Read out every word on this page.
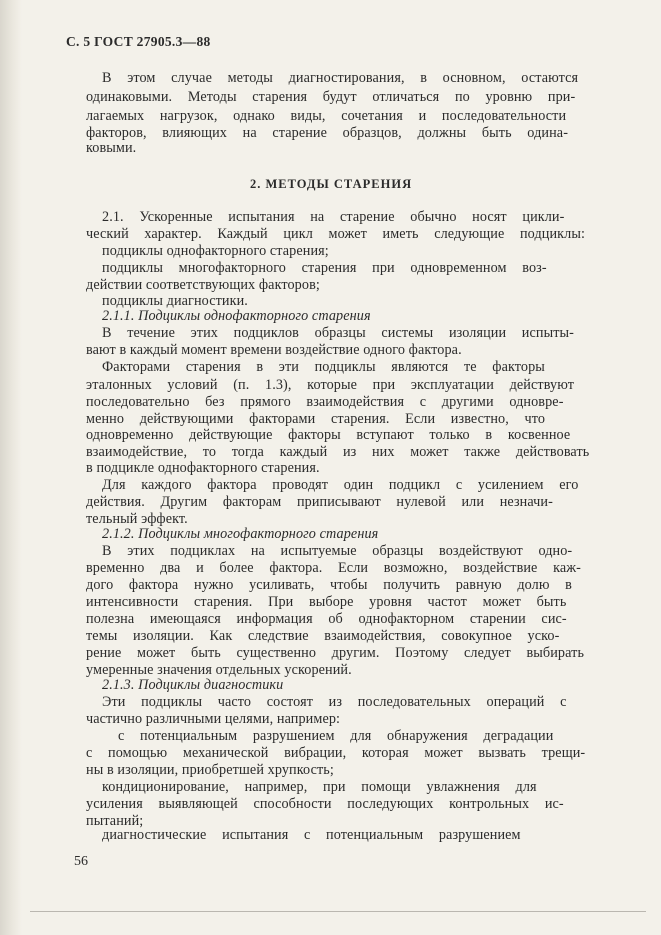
С. 5 ГОСТ 27905.3—88
В этом случае методы диагностирования, в основном, остаются
одинаковыми. Методы старения будут отличаться по уровню при-
лагаемых нагрузок, однако виды, сочетания и последовательности
факторов, влияющих на старение образцов, должны быть одина-
ковыми.
2. МЕТОДЫ СТАРЕНИЯ
2.1. Ускоренные испытания на старение обычно носят цикли-
ческий характер. Каждый цикл может иметь следующие подциклы:
подциклы однофакторного старения;
подциклы многофакторного старения при одновременном воз-
действии соответствующих факторов;
подциклы диагностики.
2.1.1. Подциклы однофакторного старения
В течение этих подциклов образцы системы изоляции испыты-
вают в каждый момент времени воздействие одного фактора.
Факторами старения в эти подциклы являются те факторы
эталонных условий (п. 1.3), которые при эксплуатации действуют
последовательно без прямого взаимодействия с другими одновре-
менно действующими факторами старения. Если известно, что
одновременно действующие факторы вступают только в косвенное
взаимодействие, то тогда каждый из них может также действовать
в подцикле однофакторного старения.
Для каждого фактора проводят один подцикл с усилением его
действия. Другим факторам приписывают нулевой или незначи-
тельный эффект.
2.1.2. Подциклы многофакторного старения
В этих подциклах на испытуемые образцы воздействуют одно-
временно два и более фактора. Если возможно, воздействие каж-
дого фактора нужно усиливать, чтобы получить равную долю в
интенсивности старения. При выборе уровня частот может быть
полезна имеющаяся информация об однофакторном старении сис-
темы изоляции. Как следствие взаимодействия, совокупное уско-
рение может быть существенно другим. Поэтому следует выбирать
умеренные значения отдельных ускорений.
2.1.3. Подциклы диагностики
Эти подциклы часто состоят из последовательных операций с
частично различными целями, например:
с потенциальным разрушением для обнаружения деградации
с помощью механической вибрации, которая может вызвать трещи-
ны в изоляции, приобретшей хрупкость;
кондиционирование, например, при помощи увлажнения для
усиления выявляющей способности последующих контрольных ис-
пытаний;
диагностические испытания с потенциальным разрушением
56
